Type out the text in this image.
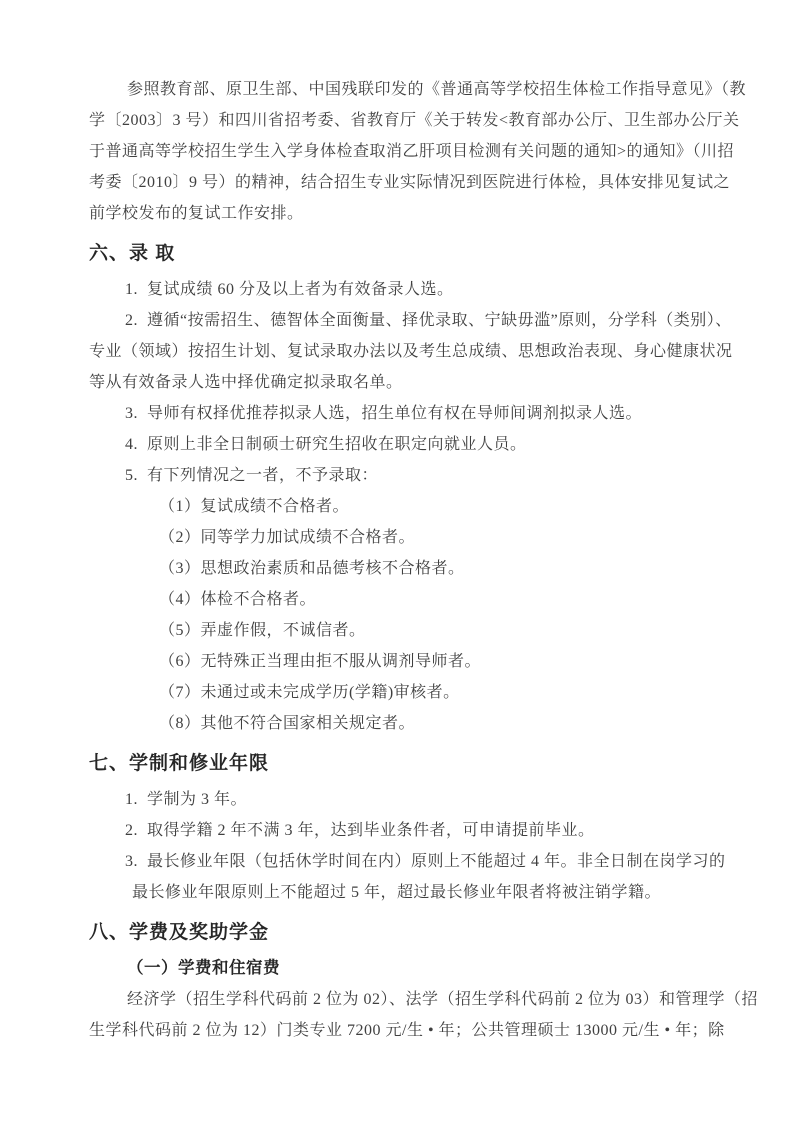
参照教育部、原卫生部、中国残联印发的《普通高等学校招生体检工作指导意见》（教
学〔2003〕3 号）和四川省招考委、省教育厅《关于转发<教育部办公厅、卫生部办公厅关
于普通高等学校招生学生入学身体检查取消乙肝项目检测有关问题的通知>的通知》（川招
考委〔2010〕9 号）的精神，结合招生专业实际情况到医院进行体检，具体安排见复试之
前学校发布的复试工作安排。
六、录 取
1.  复试成绩 60 分及以上者为有效备录人选。
2.  遵循“按需招生、德智体全面衡量、择优录取、宁缺毋滥”原则，分学科（类别）、
专业（领域）按招生计划、复试录取办法以及考生总成绩、思想政治表现、身心健康状况
等从有效备录人选中择优确定拟录取名单。
3.  导师有权择优推荐拟录人选，招生单位有权在导师间调剂拟录人选。
4.  原则上非全日制硕士研究生招收在职定向就业人员。
5.  有下列情况之一者，不予录取：
（1）复试成绩不合格者。
（2）同等学力加试成绩不合格者。
（3）思想政治素质和品德考核不合格者。
（4）体检不合格者。
（5）弄虚作假，不诚信者。
（6）无特殊正当理由拒不服从调剂导师者。
（7）未通过或未完成学历(学籍)审核者。
（8）其他不符合国家相关规定者。
七、学制和修业年限
1.  学制为 3 年。
2.  取得学籍 2 年不满 3 年，达到毕业条件者，可申请提前毕业。
3.  最长修业年限（包括休学时间在内）原则上不能超过 4 年。非全日制在岗学习的
最长修业年限原则上不能超过 5 年，超过最长修业年限者将被注销学籍。
八、学费及奖助学金
（一）学费和住宿费
经济学（招生学科代码前 2 位为 02）、法学（招生学科代码前 2 位为 03）和管理学（招
生学科代码前 2 位为 12）门类专业 7200 元/生 • 年；公共管理硕士 13000 元/生 • 年；除
